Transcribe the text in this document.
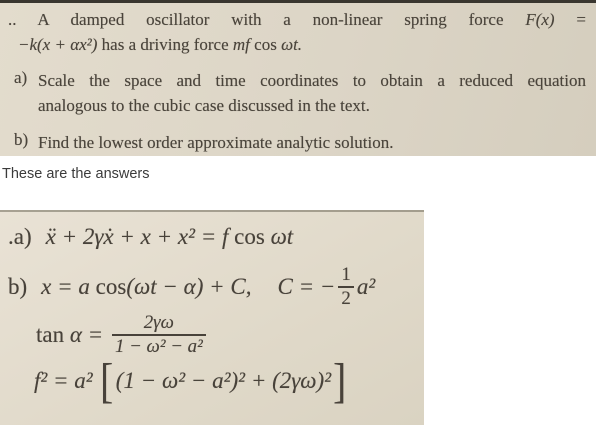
.. A damped oscillator with a non-linear spring force F(x) =
−k(x + αx²) has a driving force mf cos ωt.
a) Scale the space and time coordinates to obtain a reduced equation
analogous to the cubic case discussed in the text.
b) Find the lowest order approximate analytic solution.
These are the answers
.a) ẍ + 2γẋ + x + x² = f cos ωt
b) x = a cos (ωt − α) + C, C = − $\frac{1}{2} a^2$
$\tan \alpha = \frac{2\gamma\omega}{\text{1 − ω² − a²}}$
f² = a² [ (1 − ω² − a²)² + (2γω)² ]
